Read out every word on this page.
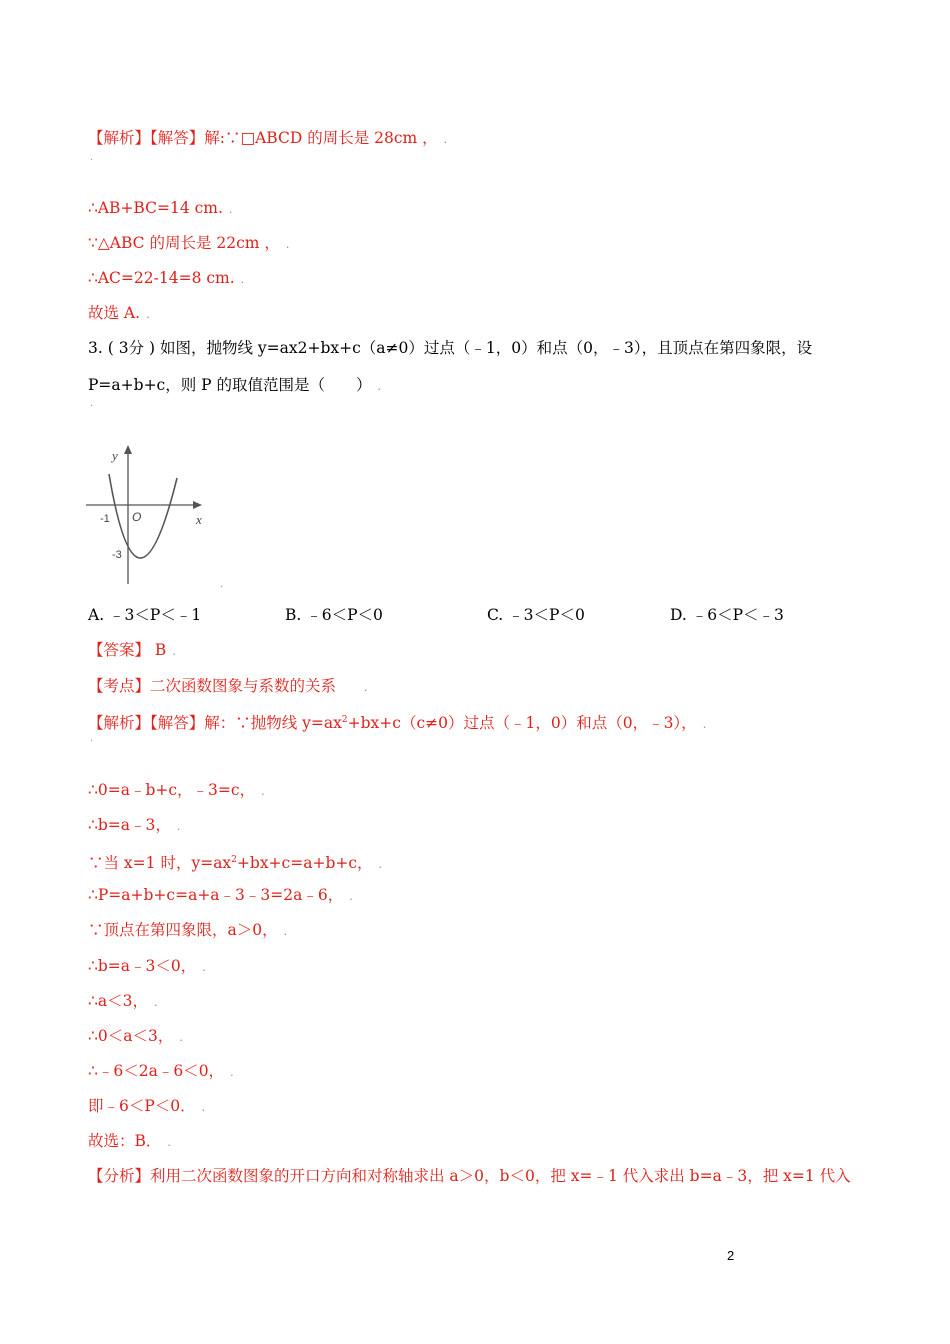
【解析】【解答】解:∵□ABCD 的周长是 28cm ， .
·
∴AB+BC=14 cm. .
∵△ABC 的周长是 22cm ， .
∴AC=22-14=8 cm. .
故选 A. .
3. ( 3分 ) 如图，抛物线 y=ax2+bx+c（a≠0）过点（﹣1，0）和点（0，﹣3），且顶点在第四象限，设
P=a+b+c，则 P 的取值范围是（　　） .
·
y
x
O
-1
-3
·
A. ﹣3＜P＜﹣1	B. ﹣6＜P＜0	C. ﹣3＜P＜0	D. ﹣6＜P＜﹣3
【答案】 B .
【考点】二次函数图象与系数的关系	.
【解析】【解答】解：∵抛物线 $y=ax^2+bx+c(c\ne 0)$过点（﹣1，0）和点（0，﹣3）， .
·
∴0=a﹣b+c，﹣3=c， .
∴b=a﹣3， .
∵当 x=1 时，$y=ax^2+bx+c=a+b+c$， .
∴P=a+b+c=a+a﹣3﹣3=2a﹣6， .
∵顶点在第四象限，a＞0， .
∴b=a﹣3＜0， .
∴a＜3， .
∴0＜a＜3， .
∴﹣6＜2a﹣6＜0， .
即﹣6＜P＜0． .
故选：B． .
【分析】利用二次函数图象的开口方向和对称轴求出 a＞0，b＜0，把 x=﹣1 代入求出 b=a﹣3，把 x=1 代入
2
